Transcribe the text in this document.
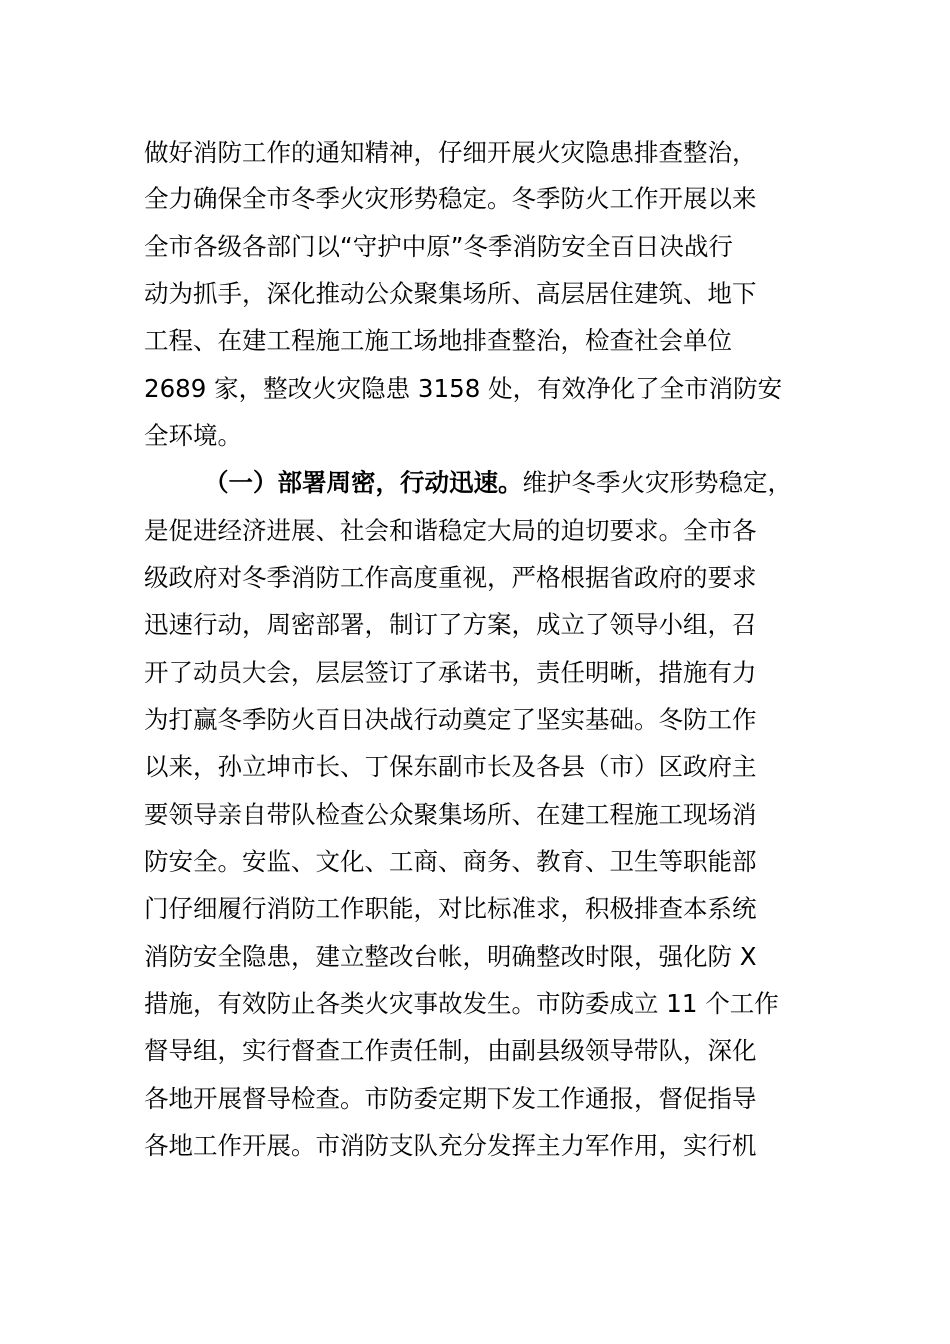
做好消防工作的通知精神，仔细开展火灾隐患排查整治，
全力确保全市冬季火灾形势稳定。冬季防火工作开展以来
全市各级各部门以“守护中原”冬季消防安全百日决战行
动为抓手，深化推动公众聚集场所、高层居住建筑、地下
工程、在建工程施工施工场地排查整治，检查社会单位
2689 家，整改火灾隐患 3158 处，有效净化了全市消防安
全环境。
（一）部署周密，行动迅速。维护冬季火灾形势稳定，
是促进经济进展、社会和谐稳定大局的迫切要求。全市各
级政府对冬季消防工作高度重视，严格根据省政府的要求
迅速行动，周密部署，制订了方案，成立了领导小组，召
开了动员大会，层层签订了承诺书，责任明晰，措施有力
为打赢冬季防火百日决战行动奠定了坚实基础。冬防工作
以来，孙立坤市长、丁保东副市长及各县（市）区政府主
要领导亲自带队检查公众聚集场所、在建工程施工现场消
防安全。安监、文化、工商、商务、教育、卫生等职能部
门仔细履行消防工作职能，对比标准求，积极排查本系统
消防安全隐患，建立整改台帐，明确整改时限，强化防 X
措施，有效防止各类火灾事故发生。市防委成立 11 个工作
督导组，实行督查工作责任制，由副县级领导带队，深化
各地开展督导检查。市防委定期下发工作通报，督促指导
各地工作开展。市消防支队充分发挥主力军作用，实行机
